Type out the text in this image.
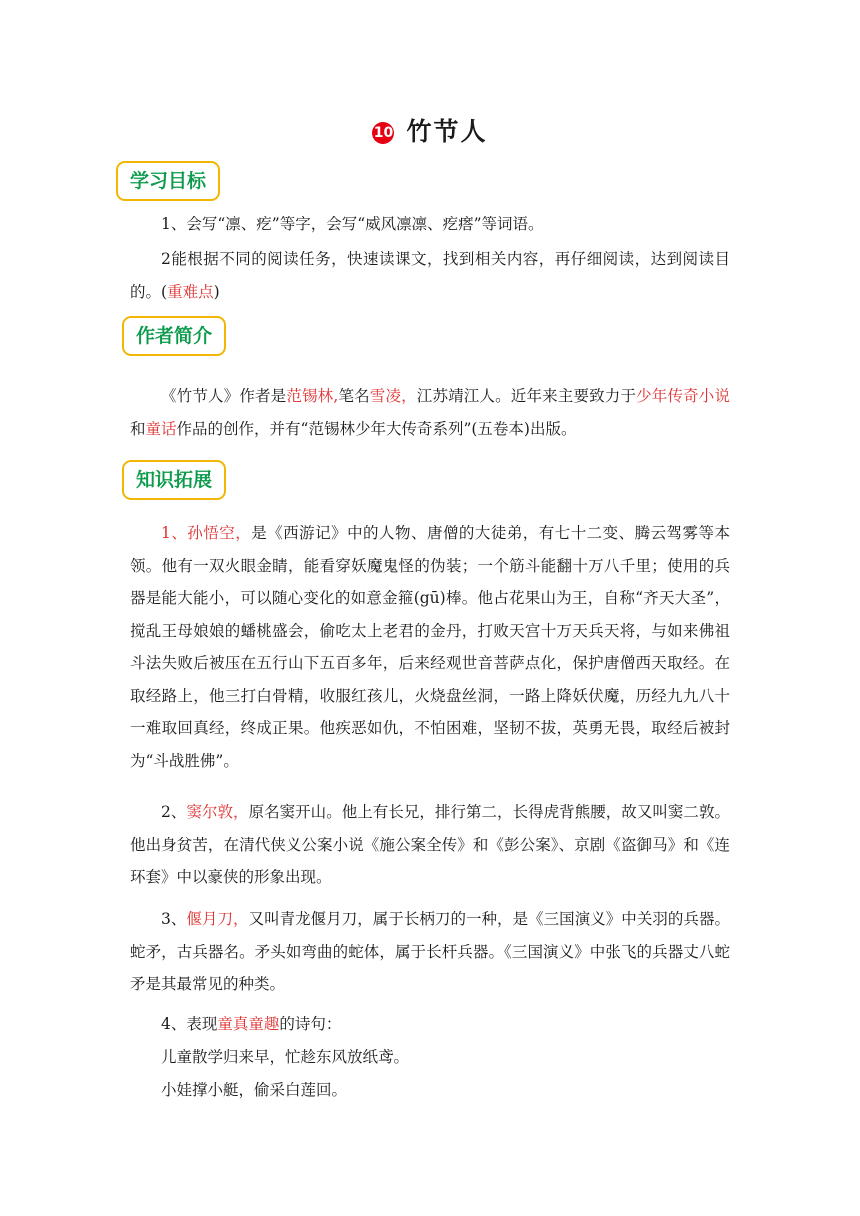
10 竹节人
学习目标

1、会写“凛、疙”等字，会写“威风凛凛、疙瘩”等词语。

2能根据不同的阅读任务，快速读课文，找到相关内容，再仔细阅读，达到阅读目的。(重难点)

作者简介

《竹节人》作者是范锡林,笔名雪凌，江苏靖江人。近年来主要致力于少年传奇小说和童话作品的创作，并有“范锡林少年大传奇系列”(五卷本)出版。

知识拓展

1、孙悟空，是《西游记》中的人物、唐僧的大徒弟，有七十二变、腾云驾雾等本领。他有一双火眼金睛，能看穿妖魔鬼怪的伪装；一个筋斗能翻十万八千里；使用的兵器是能大能小，可以随心变化的如意金箍(gū)棒。他占花果山为王，自称“齐天大圣”，搅乱王母娘娘的蟠桃盛会，偷吃太上老君的金丹，打败天宫十万天兵天将，与如来佛祖斗法失败后被压在五行山下五百多年，后来经观世音菩萨点化，保护唐僧西天取经。在取经路上，他三打白骨精，收服红孩儿，火烧盘丝洞，一路上降妖伏魔，历经九九八十一难取回真经，终成正果。他疾恶如仇，不怕困难，坚韧不拔，英勇无畏，取经后被封为“斗战胜佛”。

2、窦尔敦，原名窦开山。他上有长兄，排行第二，长得虎背熊腰，故又叫窦二敦。他出身贫苦，在清代侠义公案小说《施公案全传》和《彭公案》、京剧《盗御马》和《连环套》中以豪侠的形象出现。

3、偃月刀，又叫青龙偃月刀，属于长柄刀的一种，是《三国演义》中关羽的兵器。蛇矛，古兵器名。矛头如弯曲的蛇体，属于长杆兵器。《三国演义》中张飞的兵器丈八蛇矛是其最常见的种类。

4、表现童真童趣的诗句：

儿童散学归来早，忙趁东风放纸鸢。

小娃撑小艇，偷采白莲回。
